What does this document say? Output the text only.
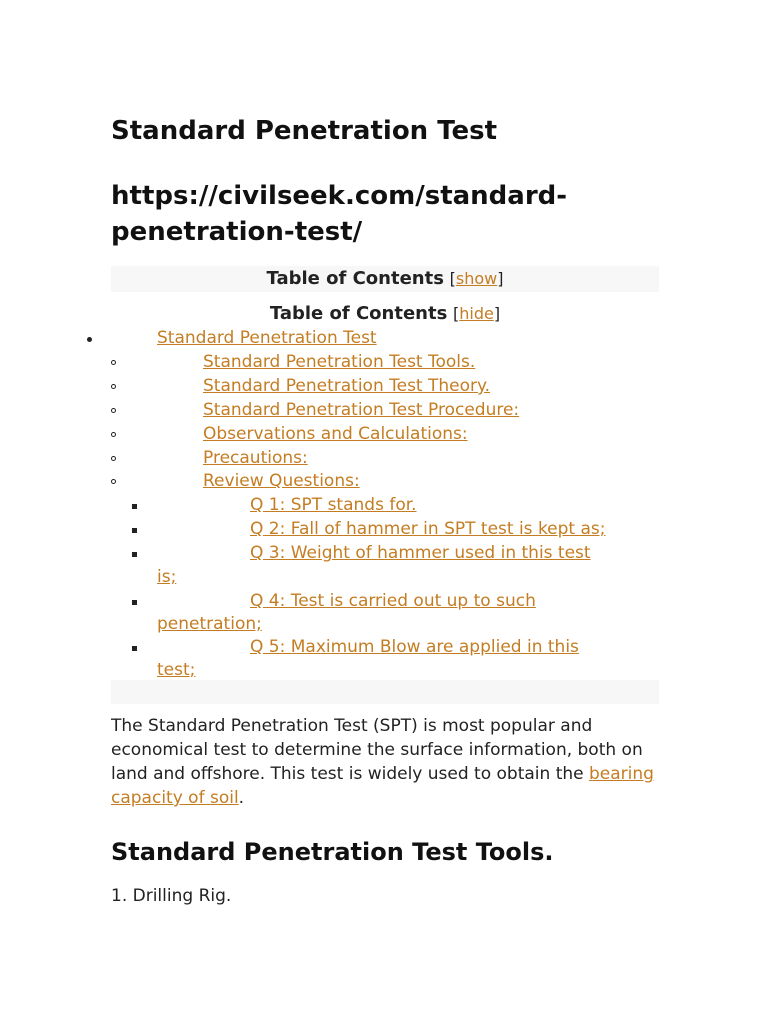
Standard Penetration Test
https://civilseek.com/standard-penetration-test/
Table of Contents [show]
Table of Contents [hide]
Standard Penetration Test
Standard Penetration Test Tools.
Standard Penetration Test Theory.
Standard Penetration Test Procedure:
Observations and Calculations:
Precautions:
Review Questions:
Q 1: SPT stands for.
Q 2: Fall of hammer in SPT test is kept as;
Q 3: Weight of hammer used in this test
is;
Q 4: Test is carried out up to such
penetration;
Q 5: Maximum Blow are applied in this
test;

The Standard Penetration Test (SPT) is most popular and economical test to determine the surface information, both on land and offshore. This test is widely used to obtain the bearing capacity of soil.

Standard Penetration Test Tools.
1. Drilling Rig.
